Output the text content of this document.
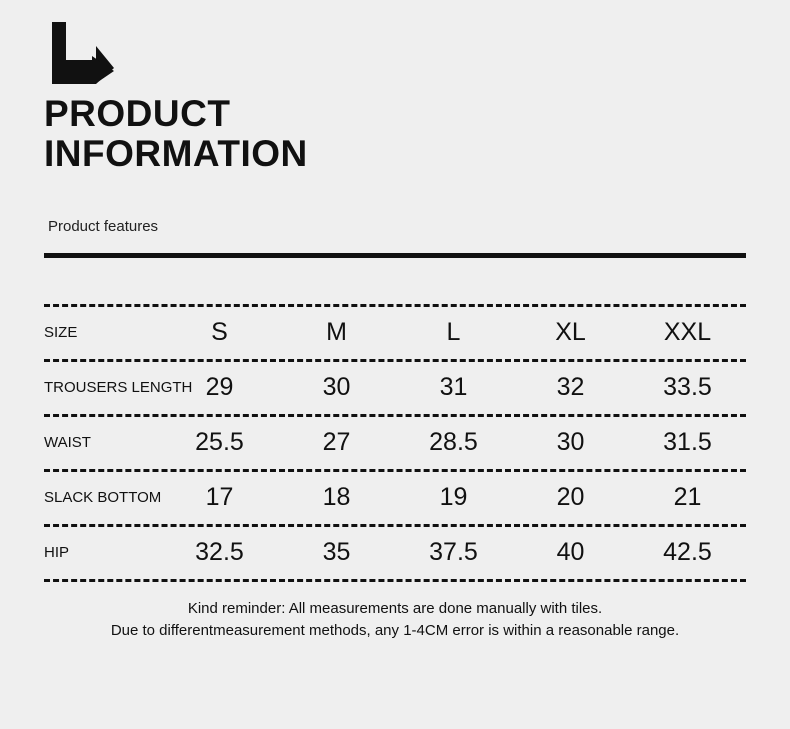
PRODUCT
INFORMATION
Product features

SIZE	S	M	L	XL	XXL

TROUSERS LENGTH	29	30	31	32	33.5

WAIST	25.5	27	28.5	30	31.5

SLACK BOTTOM	17	18	19	20	21

HIP	32.5	35	37.5	40	42.5

Kind reminder: All measurements are done manually with tiles.
Due to differentmeasurement methods, any 1-4CM error is within a reasonable range.
